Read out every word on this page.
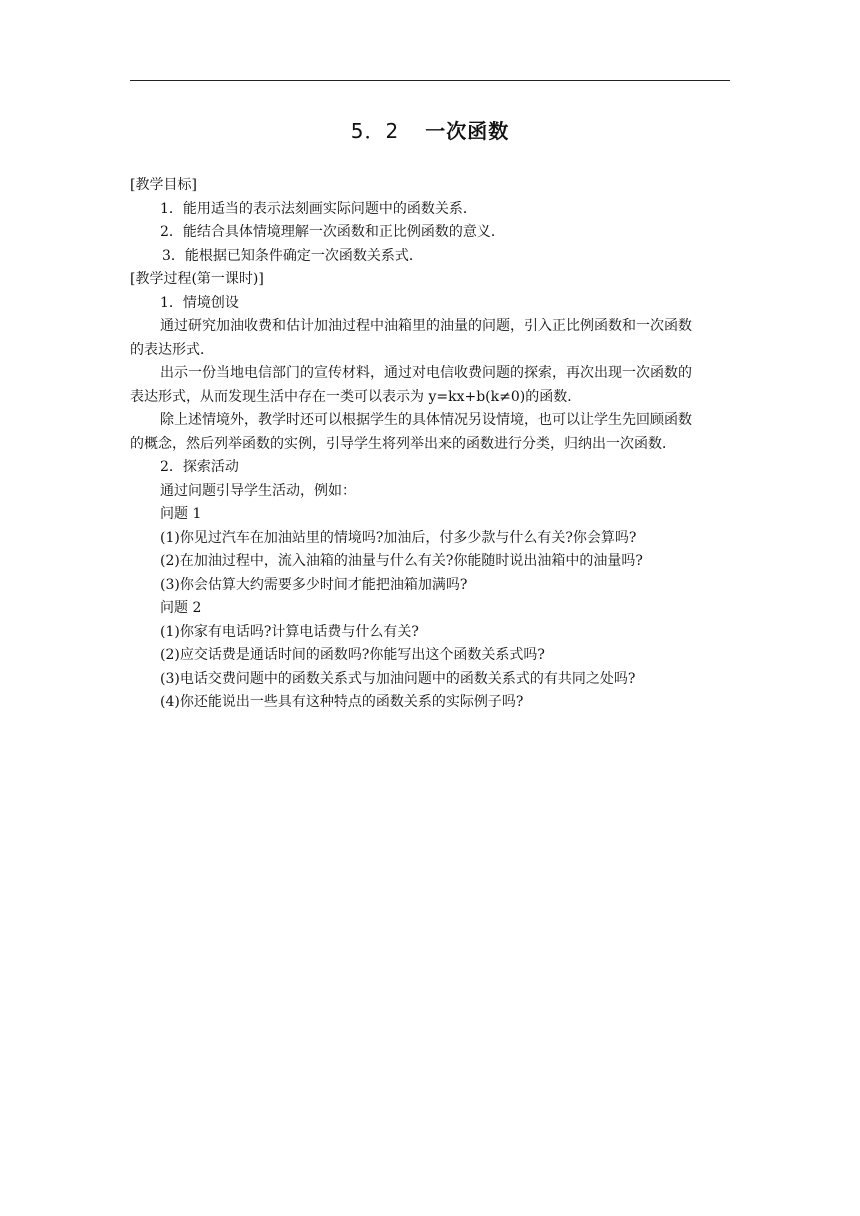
5．2 一次函数
[教学目标]
1．能用适当的表示法刻画实际问题中的函数关系．
2．能结合具体情境理解一次函数和正比例函数的意义．
3．能根据已知条件确定一次函数关系式．
[教学过程(第一课时)]
1．情境创设
通过研究加油收费和估计加油过程中油箱里的油量的问题，引入正比例函数和一次函数
的表达形式．
出示一份当地电信部门的宣传材料，通过对电信收费问题的探索，再次出现一次函数的
表达形式，从而发现生活中存在一类可以表示为 y=kx+b(k≠0)的函数．
除上述情境外，教学时还可以根据学生的具体情况另设情境，也可以让学生先回顾函数
的概念，然后列举函数的实例，引导学生将列举出来的函数进行分类，归纳出一次函数．
2．探索活动
通过问题引导学生活动，例如：
问题 1
(1)你见过汽车在加油站里的情境吗?加油后，付多少款与什么有关?你会算吗?
(2)在加油过程中，流入油箱的油量与什么有关?你能随时说出油箱中的油量吗?
(3)你会估算大约需要多少时间才能把油箱加满吗?
问题 2
(1)你家有电话吗?计算电话费与什么有关?
(2)应交话费是通话时间的函数吗?你能写出这个函数关系式吗?
(3)电话交费问题中的函数关系式与加油问题中的函数关系式的有共同之处吗?
(4)你还能说出一些具有这种特点的函数关系的实际例子吗?
